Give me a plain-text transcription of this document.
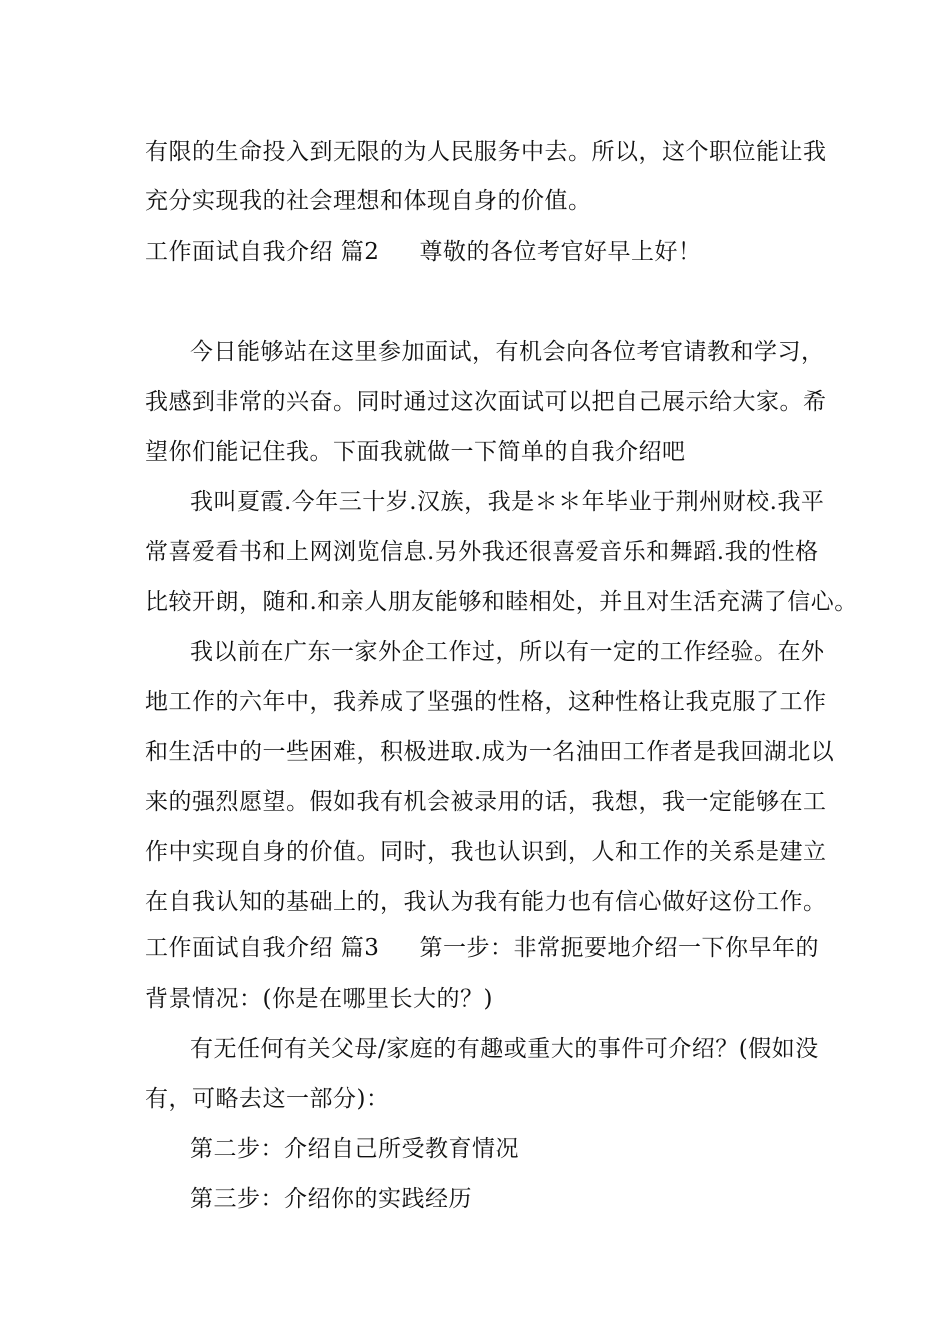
有限的生命投入到无限的为人民服务中去。所以，这个职位能让我
充分实现我的社会理想和体现自身的价值。
工作面试自我介绍 篇2 尊敬的各位考官好早上好！
今日能够站在这里参加面试，有机会向各位考官请教和学习，
我感到非常的兴奋。同时通过这次面试可以把自己展示给大家。希
望你们能记住我。下面我就做一下简单的自我介绍吧
我叫夏霞.今年三十岁.汉族，我是＊＊年毕业于荆州财校.我平
常喜爱看书和上网浏览信息.另外我还很喜爱音乐和舞蹈.我的性格
比较开朗，随和.和亲人朋友能够和睦相处，并且对生活充满了信心。
我以前在广东一家外企工作过，所以有一定的工作经验。在外
地工作的六年中，我养成了坚强的性格，这种性格让我克服了工作
和生活中的一些困难，积极进取.成为一名油田工作者是我回湖北以
来的强烈愿望。假如我有机会被录用的话，我想，我一定能够在工
作中实现自身的价值。同时，我也认识到，人和工作的关系是建立
在自我认知的基础上的，我认为我有能力也有信心做好这份工作。
工作面试自我介绍 篇3 第一步：非常扼要地介绍一下你早年的
背景情况：(你是在哪里长大的？)
有无任何有关父母/家庭的有趣或重大的事件可介绍？(假如没
有，可略去这一部分)：
第二步：介绍自己所受教育情况
第三步：介绍你的实践经历
